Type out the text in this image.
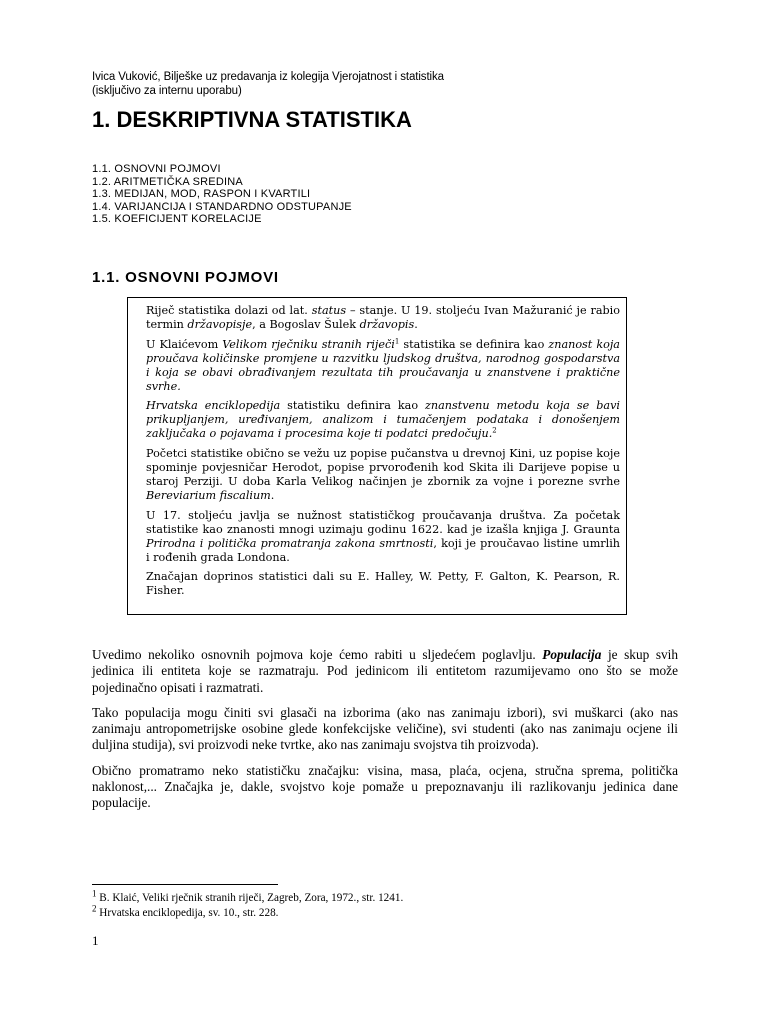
Ivica Vuković, Bilješke uz predavanja iz kolegija Vjerojatnost i statistika
(isključivo za internu uporabu)
1. DESKRIPTIVNA STATISTIKA
1.1. OSNOVNI POJMOVI
1.2. ARITMETIČKA SREDINA
1.3. MEDIJAN, MOD, RASPON I KVARTILI
1.4. VARIJANCIJA I STANDARDNO ODSTUPANJE
1.5. KOEFICIJENT KORELACIJE
1.1. OSNOVNI POJMOVI

Riječ statistika dolazi od lat. status – stanje. U 19. stoljeću Ivan Mažuranić je rabio termin državopisje, a Bogoslav Šulek državopis.

U Klaićevom Velikom rječniku stranih riječi$^1$ statistika se definira kao znanost koja proučava količinske promjene u razvitku ljudskog društva, narodnog gospodarstva i koja se obavi obrađivanjem rezultata tih proučavanja u znanstvene i praktične svrhe.

Hrvatska enciklopedija statistiku definira kao znanstvenu metodu koja se bavi prikupljanjem, uređivanjem, analizom i tumačenjem podataka i donošenjem zaključaka o pojavama i procesima koje ti podatci predočuju.$^2$

Početci statistike obično se vežu uz popise pučanstva u drevnoj Kini, uz popise koje spominje povjesničar Herodot, popise prvorođenih kod Skita ili Darijeve popise u staroj Perziji. U doba Karla Velikog načinjen je zbornik za vojne i porezne svrhe Bereviarium fiscalium.

U 17. stoljeću javlja se nužnost statističkog proučavanja društva. Za početak statistike kao znanosti mnogi uzimaju godinu 1622. kad je izašla knjiga J. Graunta Prirodna i politička promatranja zakona smrtnosti, koji je proučavao listine umrlih i rođenih grada Londona.

Značajan doprinos statistici dali su E. Halley, W. Petty, F. Galton, K. Pearson, R. Fisher.

Uvedimo nekoliko osnovnih pojmova koje ćemo rabiti u sljedećem poglavlju. Populacija je skup svih jedinica ili entiteta koje se razmatraju. Pod jedinicom ili entitetom razumijevamo ono što se može pojedinačno opisati i razmatrati.

Tako populacija mogu činiti svi glasači na izborima (ako nas zanimaju izbori), svi muškarci (ako nas zanimaju antropometrijske osobine glede konfekcijske veličine), svi studenti (ako nas zanimaju ocjene ili duljina studija), svi proizvodi neke tvrtke, ako nas zanimaju svojstva tih proizvoda).

Obično promatramo neko statističku značajku: visina, masa, plaća, ocjena, stručna sprema, politička naklonost,... Značajka je, dakle, svojstvo koje pomaže u prepoznavanju ili razlikovanju jedinica dane populacije.

$^1$ B. Klaić, Veliki rječnik stranih riječi, Zagreb, Zora, 1972., str. 1241.
$^2$ Hrvatska enciklopedija, sv. 10., str. 228.
1
